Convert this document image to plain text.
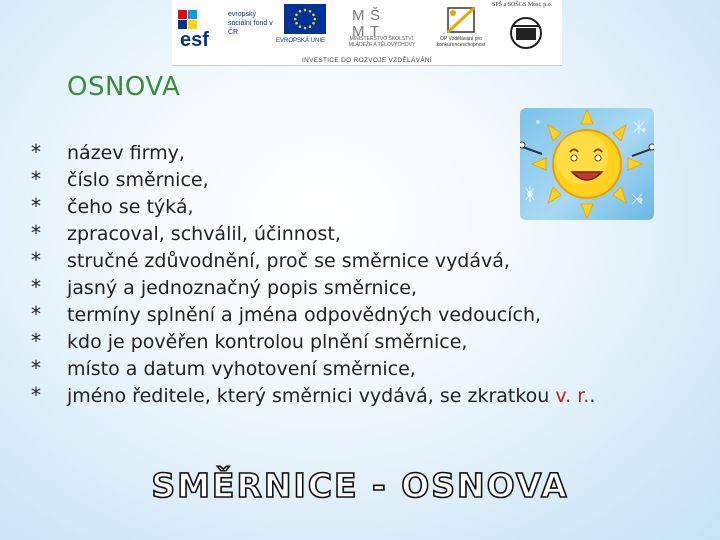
esf
evropský sociální fond v ČR
EVROPSKÁ UNIE
M Š
M T
MINISTERSTVO ŠKOLSTVÍ, MLÁDEŽE A TĚLOVÝCHOVY
OP Vzdělávání pro konkurenceschopnost
SPŠ a SOŠGS Most, p.o.
INVESTICE DO ROZVOJE VZDĚLÁVÁNÍ
OSNOVA
* název firmy,
* číslo směrnice,
* čeho se týká,
* zpracoval, schválil, účinnost,
* stručné zdůvodnění, proč se směrnice vydává,
* jasný a jednoznačný popis směrnice,
* termíny splnění a jména odpovědných vedoucích,
* kdo je pověřen kontrolou plnění směrnice,
* místo a datum vyhotovení směrnice,
* jméno ředitele, který směrnici vydává, se zkratkou v. r..
SMĚRNICE - OSNOVA
